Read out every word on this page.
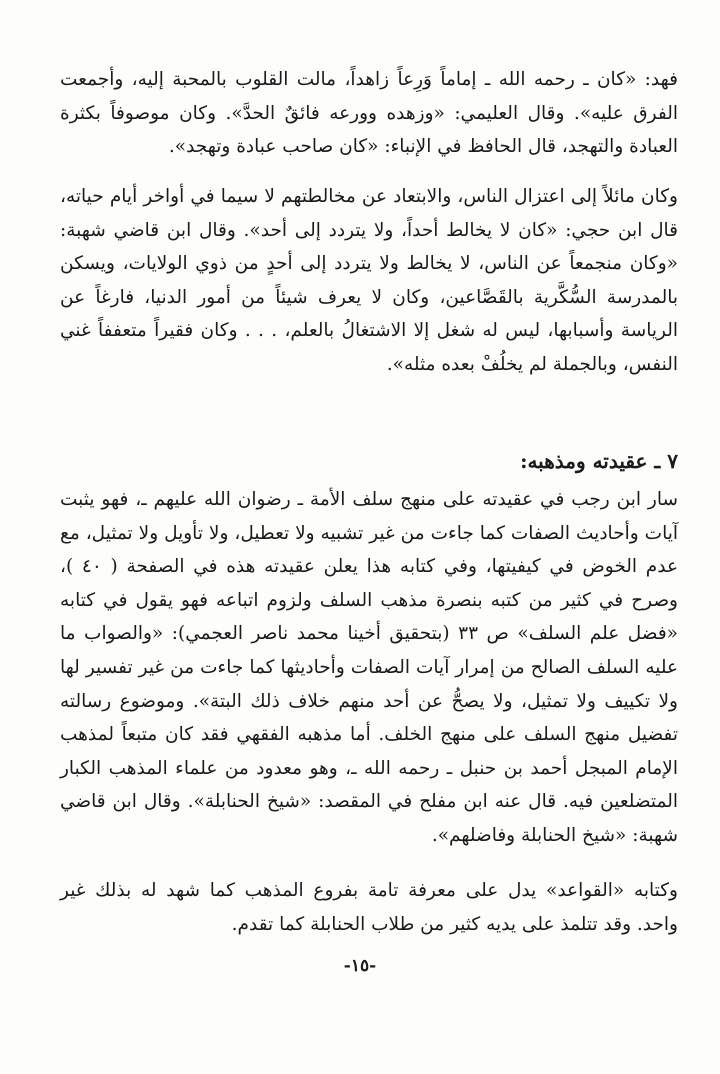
فهد: «كان ـ رحمه الله ـ إماماً وَرِعاً زاهداً، مالت القلوب بالمحبة إليه، وأجمعت الفرق عليه». وقال العليمي: «وزهده وورعه فائقٌ الحدَّ». وكان موصوفاً بكثرة العبادة والتهجد، قال الحافظ في الإنباء: «كان صاحب عبادة وتهجد».

وكان مائلاً إلى اعتزال الناس، والابتعاد عن مخالطتهم لا سيما في أواخر أيام حياته، قال ابن حجي: «كان لا يخالط أحداً، ولا يتردد إلى أحد». وقال ابن قاضي شهبة: «وكان منجمعاً عن الناس، لا يخالط ولا يتردد إلى أحدٍ من ذوي الولايات، ويسكن بالمدرسة السُّكَّرية بالقَصَّاعين، وكان لا يعرف شيئاً من أمور الدنيا، فارغاً عن الرياسة وأسبابها، ليس له شغل إلا الاشتغالُ بالعلم، . . . وكان فقيراً متعففاً غني النفس، وبالجملة لم يخلُفْ بعده مثله».

٧ ـ عقيدته ومذهبه:

سار ابن رجب في عقيدته على منهج سلف الأمة ـ رضوان الله عليهم ـ، فهو يثبت آيات وأحاديث الصفات كما جاءت من غير تشبيه ولا تعطيل، ولا تأويل ولا تمثيل، مع عدم الخوض في كيفيتها، وفي كتابه هذا يعلن عقيدته هذه في الصفحة ( ٤٠ )، وصرح في كثير من كتبه بنصرة مذهب السلف ولزوم اتباعه فهو يقول في كتابه «فضل علم السلف» ص ٣٣ (بتحقيق أخينا محمد ناصر العجمي): «والصواب ما عليه السلف الصالح من إمرار آيات الصفات وأحاديثها كما جاءت من غير تفسير لها ولا تكييف ولا تمثيل، ولا يصحُّ عن أحد منهم خلاف ذلك البتة». وموضوع رسالته تفضيل منهج السلف على منهج الخلف. أما مذهبه الفقهي فقد كان متبعاً لمذهب الإمام المبجل أحمد بن حنبل ـ رحمه الله ـ، وهو معدود من علماء المذهب الكبار المتضلعين فيه. قال عنه ابن مفلح في المقصد: «شيخ الحنابلة». وقال ابن قاضي شهبة: «شيخ الحنابلة وفاضلهم».

وكتابه «القواعد» يدل على معرفة تامة بفروع المذهب كما شهد له بذلك غير واحد. وقد تتلمذ على يديه كثير من طلاب الحنابلة كما تقدم.

-١٥-
